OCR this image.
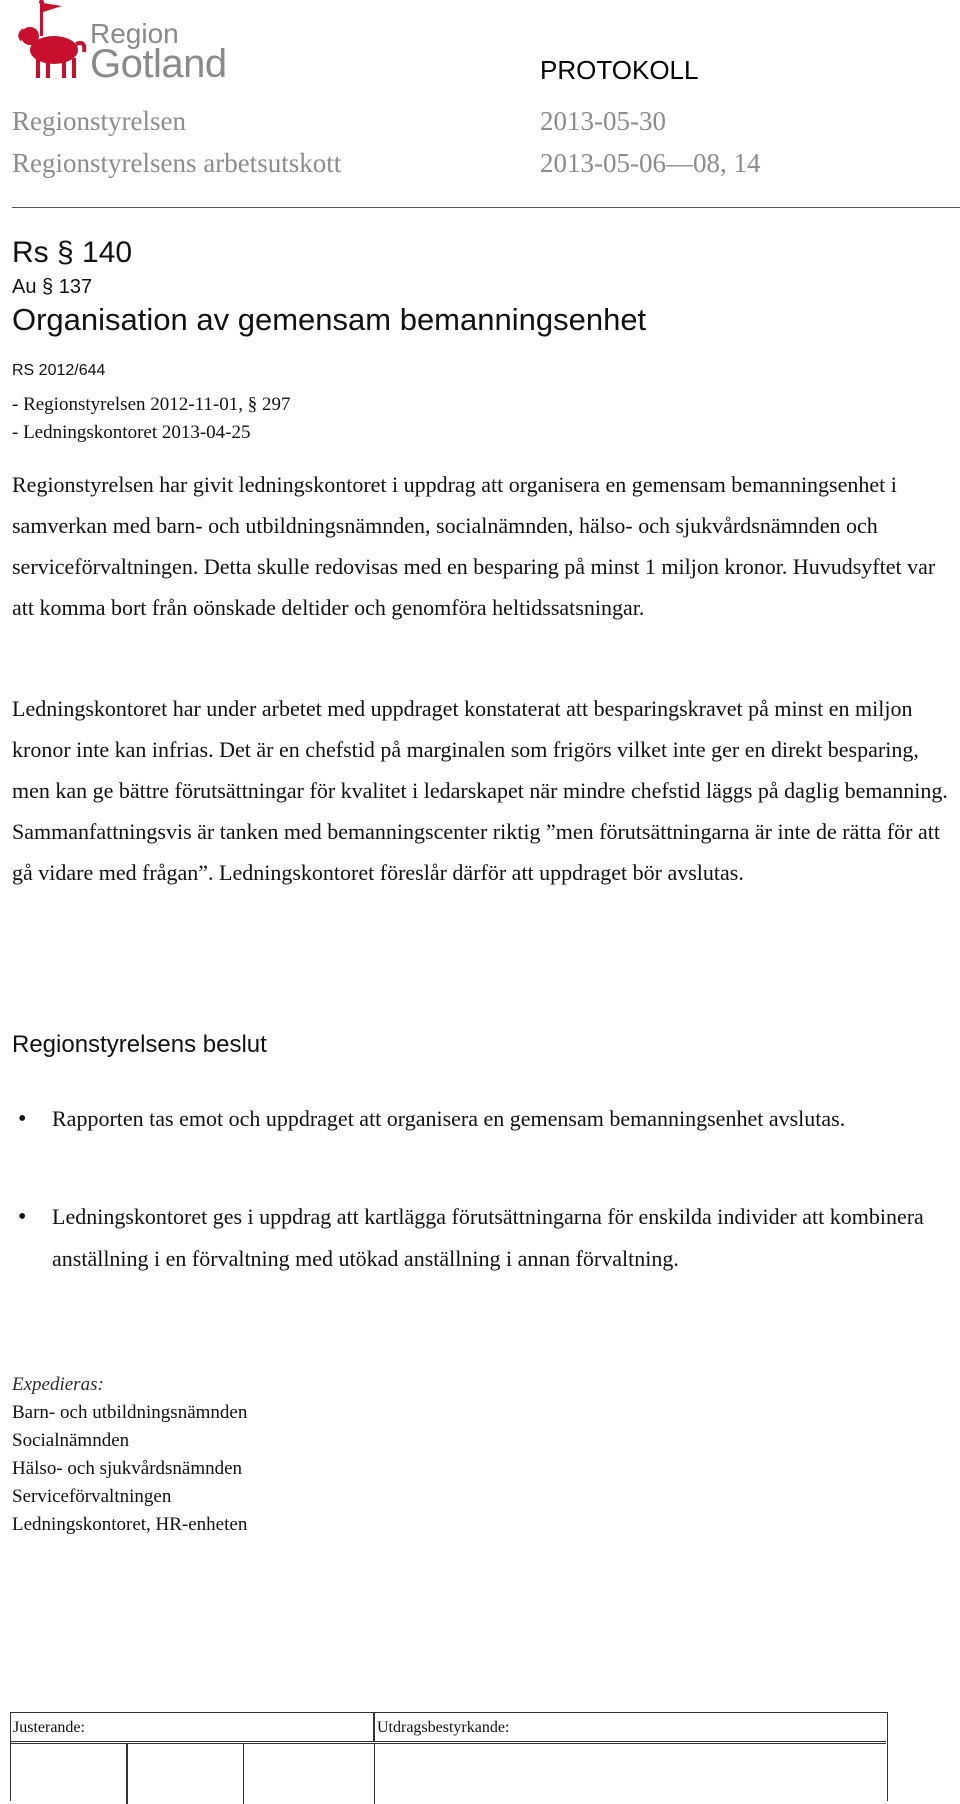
Region
Gotland	PROTOKOLL
Regionstyrelsen	2013-05-30
Regionstyrelsens arbetsutskott	2013-05-06—08, 14
Rs § 140
Au § 137
Organisation av gemensam bemanningsenhet
RS 2012/644
- Regionstyrelsen 2012-11-01, § 297
- Ledningskontoret 2013-04-25
Regionstyrelsen har givit ledningskontoret i uppdrag att organisera en gemensam bemanningsenhet i samverkan med barn- och utbildningsnämnden, socialnämnden, hälso- och sjukvårdsnämnden och serviceförvaltningen. Detta skulle redovisas med en besparing på minst 1 miljon kronor. Huvudsyftet var att komma bort från oönskade deltider och genomföra heltidssatsningar.
Ledningskontoret har under arbetet med uppdraget konstaterat att besparingskravet på minst en miljon kronor inte kan infrias. Det är en chefstid på marginalen som frigörs vilket inte ger en direkt besparing, men kan ge bättre förutsättningar för kvalitet i ledarskapet när mindre chefstid läggs på daglig bemanning. Sammanfattningsvis är tanken med bemanningscenter riktig ”men förutsättningarna är inte de rätta för att gå vidare med frågan”. Ledningskontoret föreslår därför att uppdraget bör avslutas.
Regionstyrelsens beslut
• Rapporten tas emot och uppdraget att organisera en gemensam bemanningsenhet avslutas.
• Ledningskontoret ges i uppdrag att kartlägga förutsättningarna för enskilda individer att kombinera anställning i en förvaltning med utökad anställning i annan förvaltning.
Expedieras:
Barn- och utbildningsnämnden
Socialnämnden
Hälso- och sjukvårdsnämnden
Serviceförvaltningen
Ledningskontoret, HR-enheten
Justerande:	Utdragsbestyrkande:
